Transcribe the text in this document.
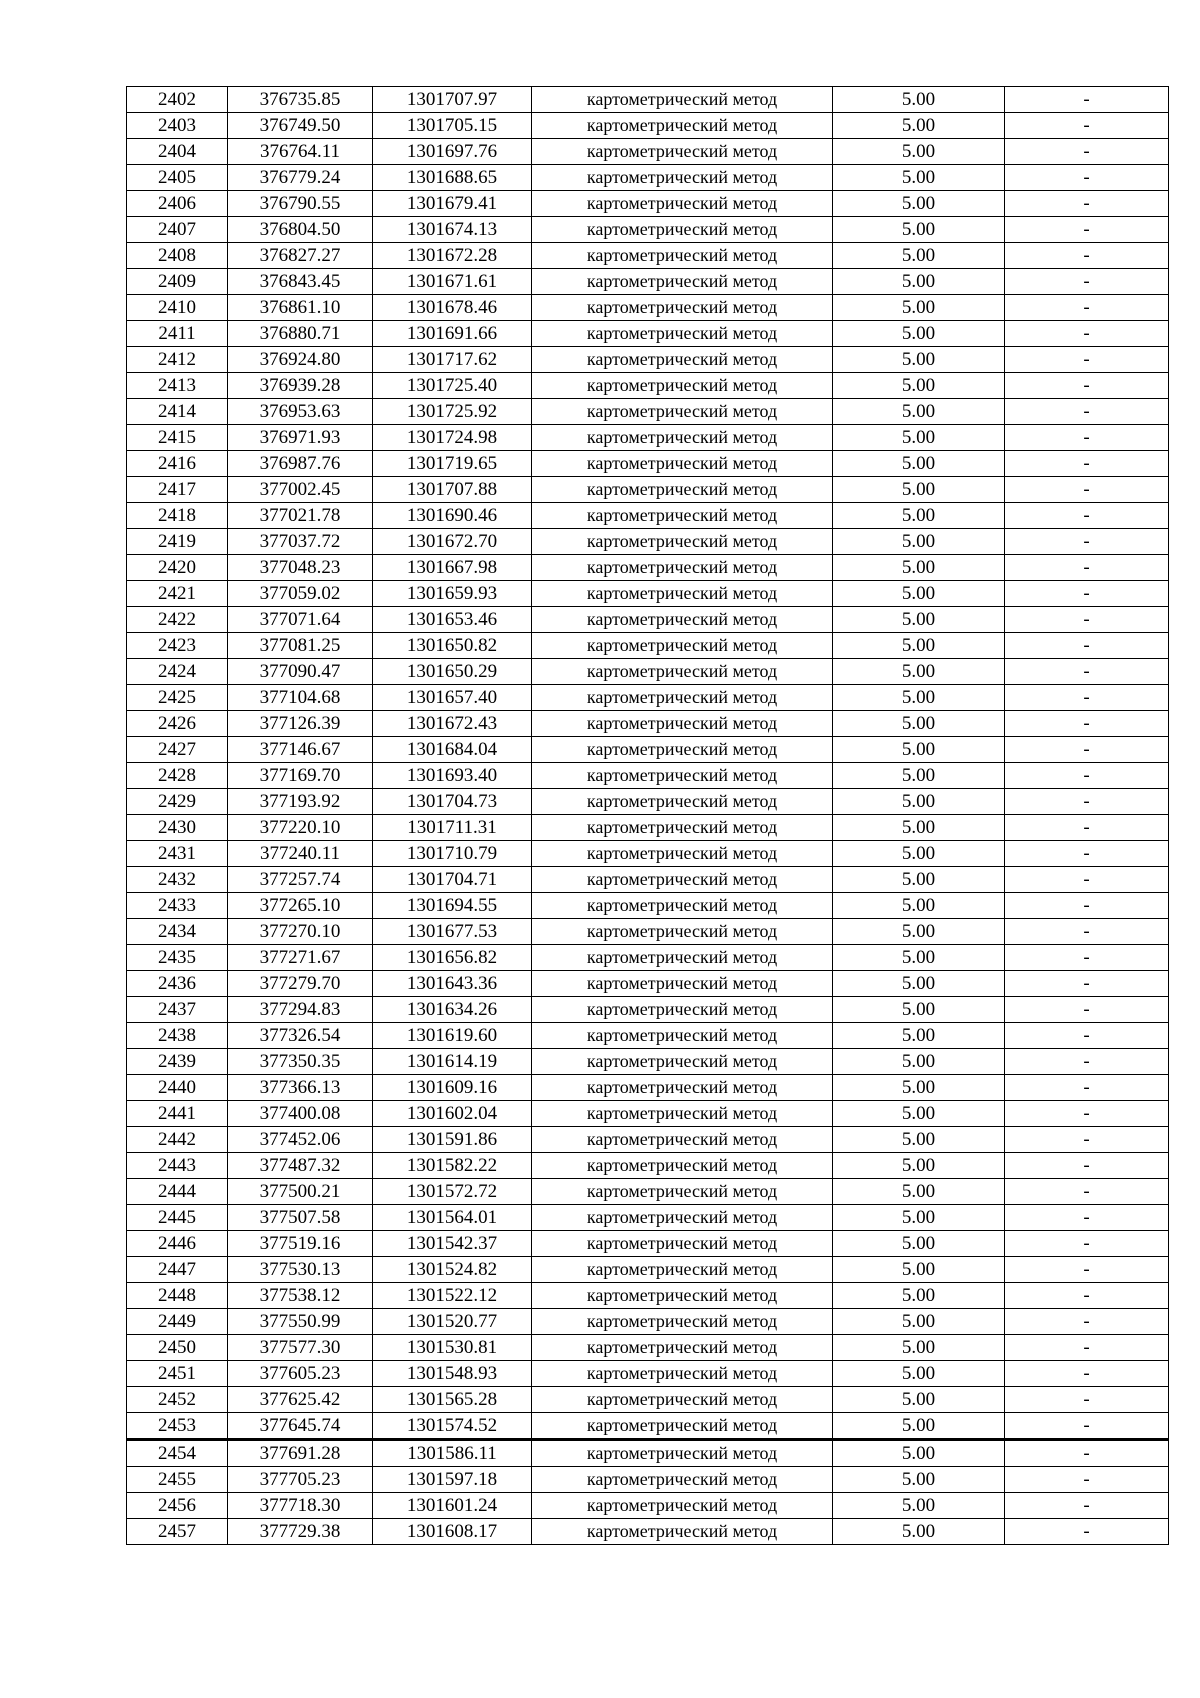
2402	376735.85	1301707.97	картометрический метод	5.00	-
2403	376749.50	1301705.15	картометрический метод	5.00	-
2404	376764.11	1301697.76	картометрический метод	5.00	-
2405	376779.24	1301688.65	картометрический метод	5.00	-
2406	376790.55	1301679.41	картометрический метод	5.00	-
2407	376804.50	1301674.13	картометрический метод	5.00	-
2408	376827.27	1301672.28	картометрический метод	5.00	-
2409	376843.45	1301671.61	картометрический метод	5.00	-
2410	376861.10	1301678.46	картометрический метод	5.00	-
2411	376880.71	1301691.66	картометрический метод	5.00	-
2412	376924.80	1301717.62	картометрический метод	5.00	-
2413	376939.28	1301725.40	картометрический метод	5.00	-
2414	376953.63	1301725.92	картометрический метод	5.00	-
2415	376971.93	1301724.98	картометрический метод	5.00	-
2416	376987.76	1301719.65	картометрический метод	5.00	-
2417	377002.45	1301707.88	картометрический метод	5.00	-
2418	377021.78	1301690.46	картометрический метод	5.00	-
2419	377037.72	1301672.70	картометрический метод	5.00	-
2420	377048.23	1301667.98	картометрический метод	5.00	-
2421	377059.02	1301659.93	картометрический метод	5.00	-
2422	377071.64	1301653.46	картометрический метод	5.00	-
2423	377081.25	1301650.82	картометрический метод	5.00	-
2424	377090.47	1301650.29	картометрический метод	5.00	-
2425	377104.68	1301657.40	картометрический метод	5.00	-
2426	377126.39	1301672.43	картометрический метод	5.00	-
2427	377146.67	1301684.04	картометрический метод	5.00	-
2428	377169.70	1301693.40	картометрический метод	5.00	-
2429	377193.92	1301704.73	картометрический метод	5.00	-
2430	377220.10	1301711.31	картометрический метод	5.00	-
2431	377240.11	1301710.79	картометрический метод	5.00	-
2432	377257.74	1301704.71	картометрический метод	5.00	-
2433	377265.10	1301694.55	картометрический метод	5.00	-
2434	377270.10	1301677.53	картометрический метод	5.00	-
2435	377271.67	1301656.82	картометрический метод	5.00	-
2436	377279.70	1301643.36	картометрический метод	5.00	-
2437	377294.83	1301634.26	картометрический метод	5.00	-
2438	377326.54	1301619.60	картометрический метод	5.00	-
2439	377350.35	1301614.19	картометрический метод	5.00	-
2440	377366.13	1301609.16	картометрический метод	5.00	-
2441	377400.08	1301602.04	картометрический метод	5.00	-
2442	377452.06	1301591.86	картометрический метод	5.00	-
2443	377487.32	1301582.22	картометрический метод	5.00	-
2444	377500.21	1301572.72	картометрический метод	5.00	-
2445	377507.58	1301564.01	картометрический метод	5.00	-
2446	377519.16	1301542.37	картометрический метод	5.00	-
2447	377530.13	1301524.82	картометрический метод	5.00	-
2448	377538.12	1301522.12	картометрический метод	5.00	-
2449	377550.99	1301520.77	картометрический метод	5.00	-
2450	377577.30	1301530.81	картометрический метод	5.00	-
2451	377605.23	1301548.93	картометрический метод	5.00	-
2452	377625.42	1301565.28	картометрический метод	5.00	-
2453	377645.74	1301574.52	картометрический метод	5.00	-
2454	377691.28	1301586.11	картометрический метод	5.00	-
2455	377705.23	1301597.18	картометрический метод	5.00	-
2456	377718.30	1301601.24	картометрический метод	5.00	-
2457	377729.38	1301608.17	картометрический метод	5.00	-
